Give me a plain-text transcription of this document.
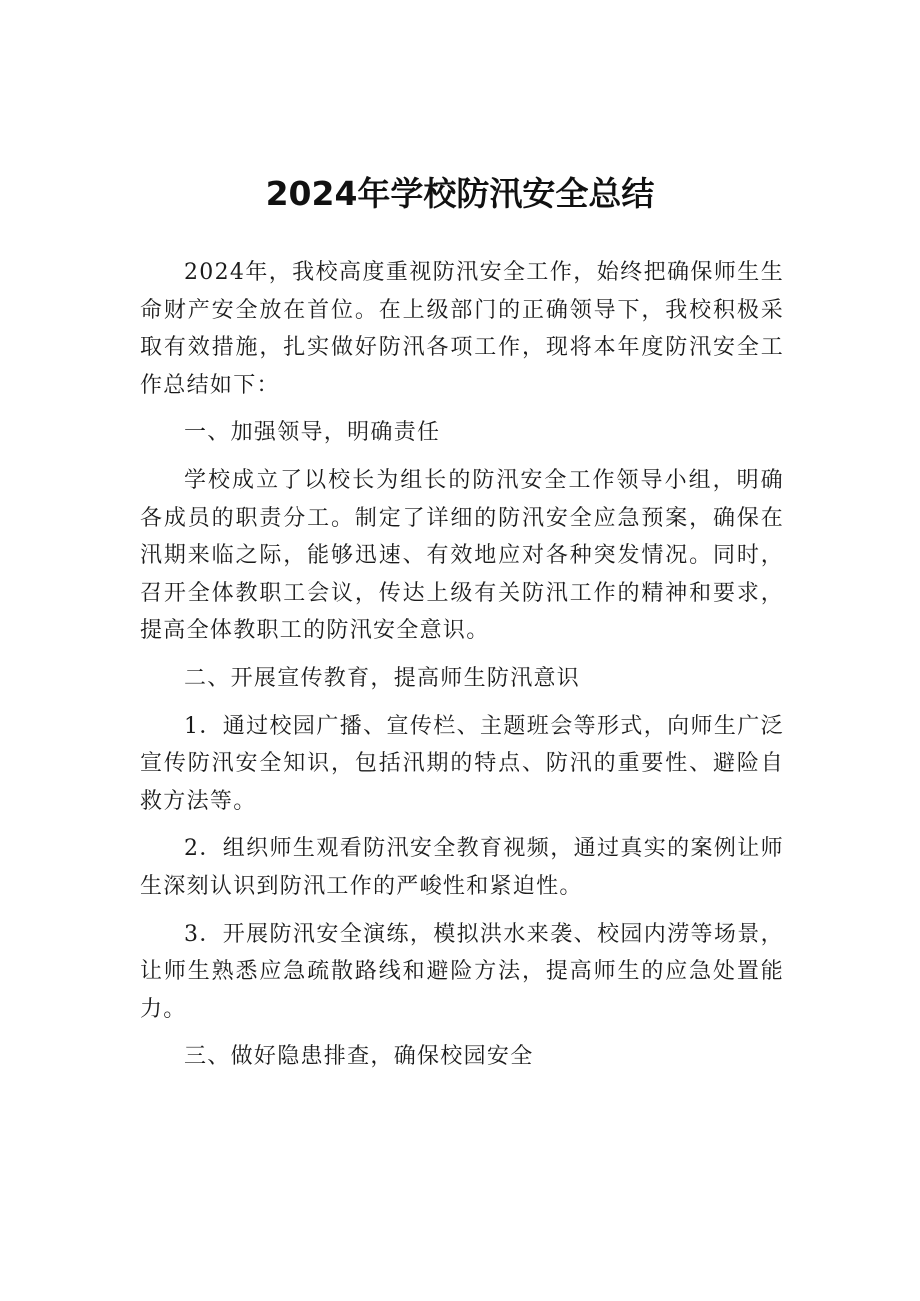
2024年学校防汛安全总结

2024年，我校高度重视防汛安全工作，始终把确保师生生命财产安全放在首位。在上级部门的正确领导下，我校积极采取有效措施，扎实做好防汛各项工作，现将本年度防汛安全工作总结如下：

一、加强领导，明确责任

学校成立了以校长为组长的防汛安全工作领导小组，明确各成员的职责分工。制定了详细的防汛安全应急预案，确保在汛期来临之际，能够迅速、有效地应对各种突发情况。同时，召开全体教职工会议，传达上级有关防汛工作的精神和要求，提高全体教职工的防汛安全意识。

二、开展宣传教育，提高师生防汛意识

1．通过校园广播、宣传栏、主题班会等形式，向师生广泛宣传防汛安全知识，包括汛期的特点、防汛的重要性、避险自救方法等。

2．组织师生观看防汛安全教育视频，通过真实的案例让师生深刻认识到防汛工作的严峻性和紧迫性。

3．开展防汛安全演练，模拟洪水来袭、校园内涝等场景，让师生熟悉应急疏散路线和避险方法，提高师生的应急处置能力。

三、做好隐患排查，确保校园安全
